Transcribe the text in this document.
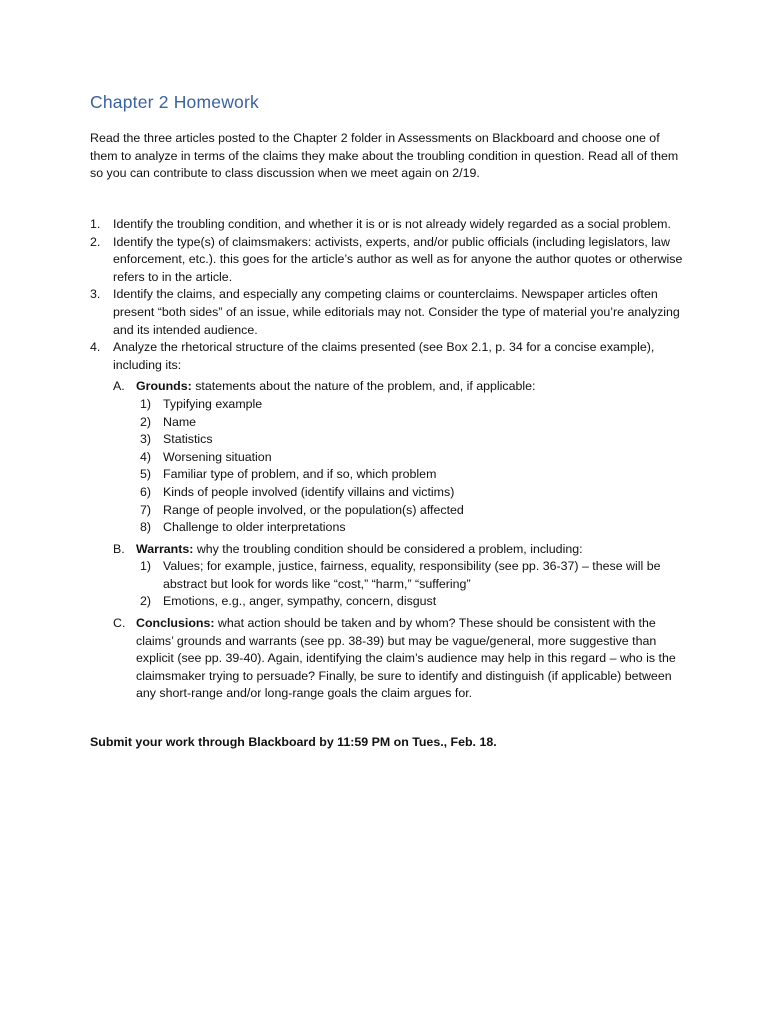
Chapter 2 Homework
Read the three articles posted to the Chapter 2 folder in Assessments on Blackboard and choose one of them to analyze in terms of the claims they make about the troubling condition in question. Read all of them so you can contribute to class discussion when we meet again on 2/19.
1. Identify the troubling condition, and whether it is or is not already widely regarded as a social problem.
2. Identify the type(s) of claimsmakers: activists, experts, and/or public officials (including legislators, law enforcement, etc.). this goes for the article’s author as well as for anyone the author quotes or otherwise refers to in the article.
3. Identify the claims, and especially any competing claims or counterclaims. Newspaper articles often present “both sides” of an issue, while editorials may not. Consider the type of material you’re analyzing and its intended audience.
4. Analyze the rhetorical structure of the claims presented (see Box 2.1, p. 34 for a concise example), including its:
A. Grounds: statements about the nature of the problem, and, if applicable:
1) Typifying example
2) Name
3) Statistics
4) Worsening situation
5) Familiar type of problem, and if so, which problem
6) Kinds of people involved (identify villains and victims)
7) Range of people involved, or the population(s) affected
8) Challenge to older interpretations
B. Warrants: why the troubling condition should be considered a problem, including:
1) Values; for example, justice, fairness, equality, responsibility (see pp. 36-37) – these will be abstract but look for words like “cost,” “harm,” “suffering”
2) Emotions, e.g., anger, sympathy, concern, disgust
C. Conclusions: what action should be taken and by whom? These should be consistent with the claims’ grounds and warrants (see pp. 38-39) but may be vague/general, more suggestive than explicit (see pp. 39-40). Again, identifying the claim’s audience may help in this regard – who is the claimsmaker trying to persuade? Finally, be sure to identify and distinguish (if applicable) between any short-range and/or long-range goals the claim argues for.
Submit your work through Blackboard by 11:59 PM on Tues., Feb. 18.
